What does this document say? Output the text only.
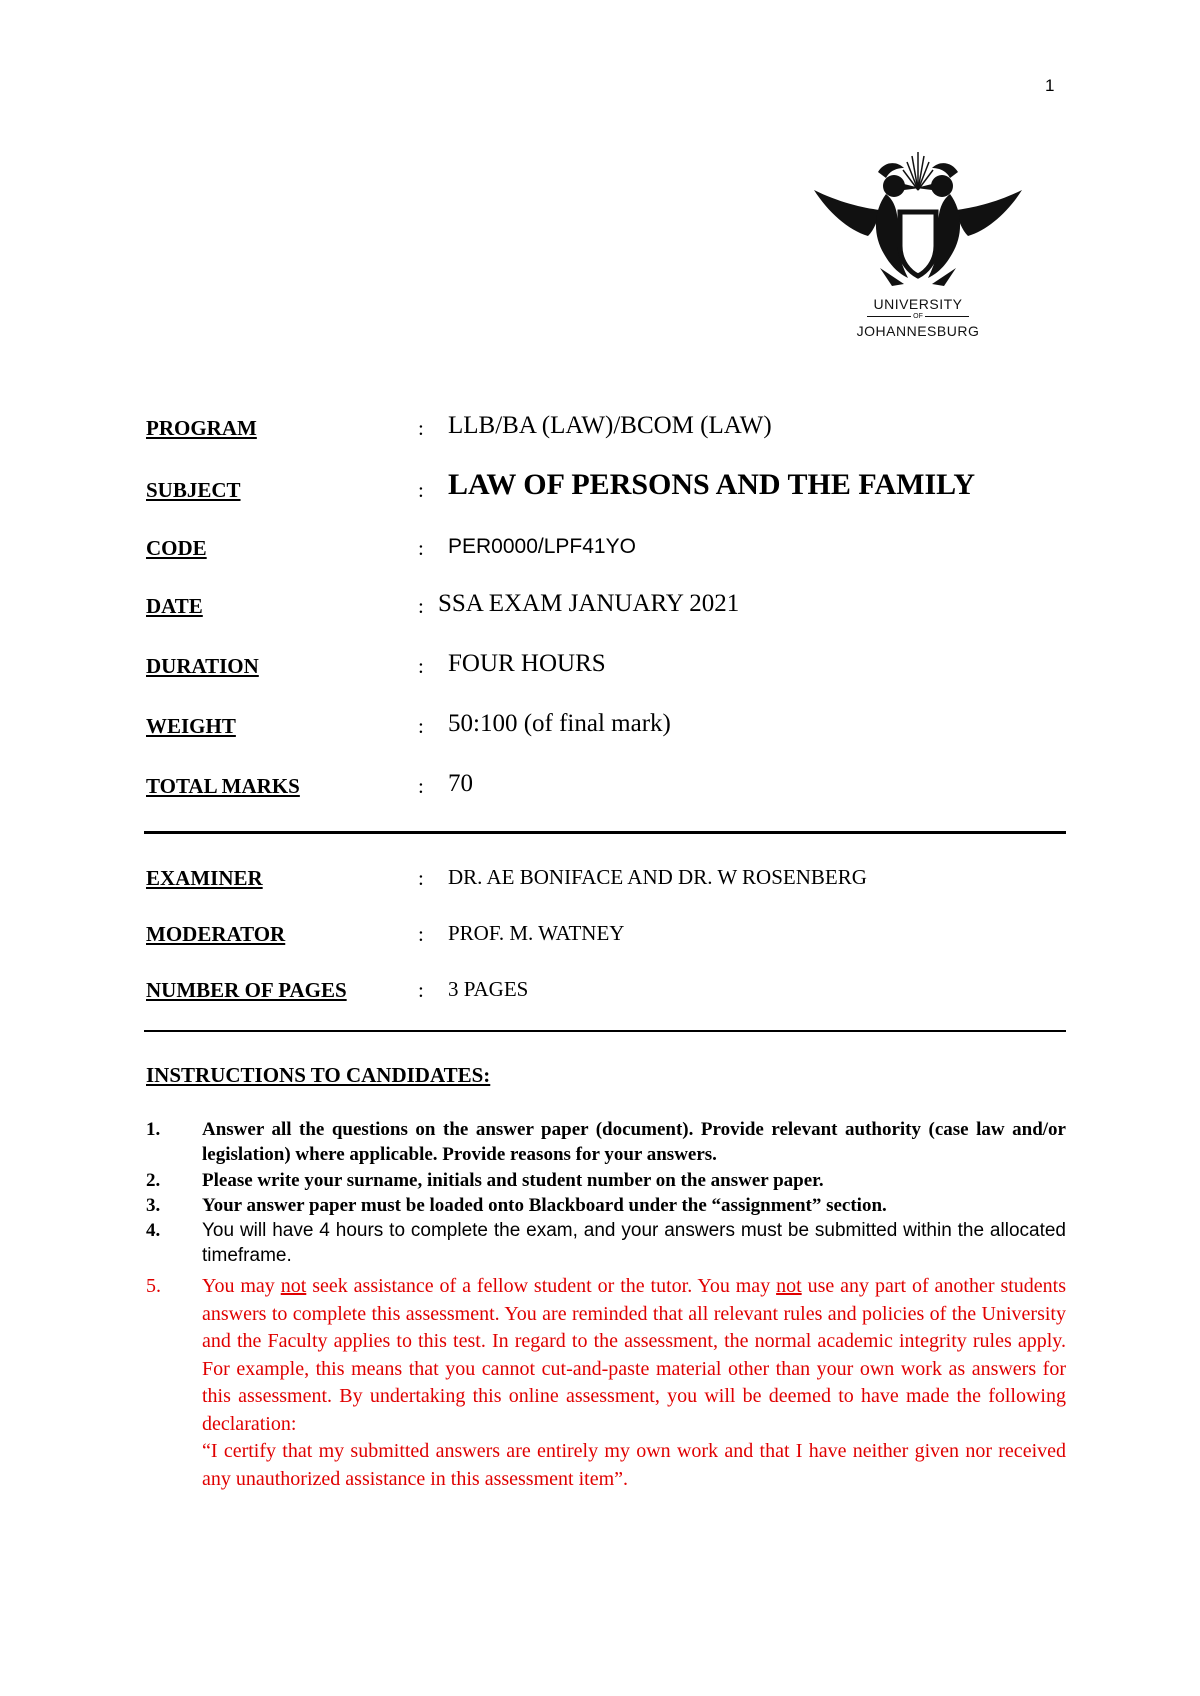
1
UNIVERSITY
OF
JOHANNESBURG
PROGRAM	: LLB/BA (LAW)/BCOM (LAW)
SUBJECT	: LAW OF PERSONS AND THE FAMILY
CODE	: PER0000/LPF41YO
DATE	: SSA EXAM JANUARY 2021
DURATION	: FOUR HOURS
WEIGHT	: 50:100 (of final mark)
TOTAL MARKS	: 70
EXAMINER	: DR. AE BONIFACE AND DR. W ROSENBERG
MODERATOR	: PROF. M. WATNEY
NUMBER OF PAGES	: 3 PAGES
INSTRUCTIONS TO CANDIDATES:
1. Answer all the questions on the answer paper (document). Provide relevant authority (case law and/or legislation) where applicable. Provide reasons for your answers.
2. Please write your surname, initials and student number on the answer paper.
3. Your answer paper must be loaded onto Blackboard under the “assignment” section.
4. You will have 4 hours to complete the exam, and your answers must be submitted within the allocated timeframe.
5. You may not seek assistance of a fellow student or the tutor. You may not use any part of another students answers to complete this assessment. You are reminded that all relevant rules and policies of the University and the Faculty applies to this test. In regard to the assessment, the normal academic integrity rules apply. For example, this means that you cannot cut-and-paste material other than your own work as answers for this assessment. By undertaking this online assessment, you will be deemed to have made the following declaration:
“I certify that my submitted answers are entirely my own work and that I have neither given nor received any unauthorized assistance in this assessment item”.
